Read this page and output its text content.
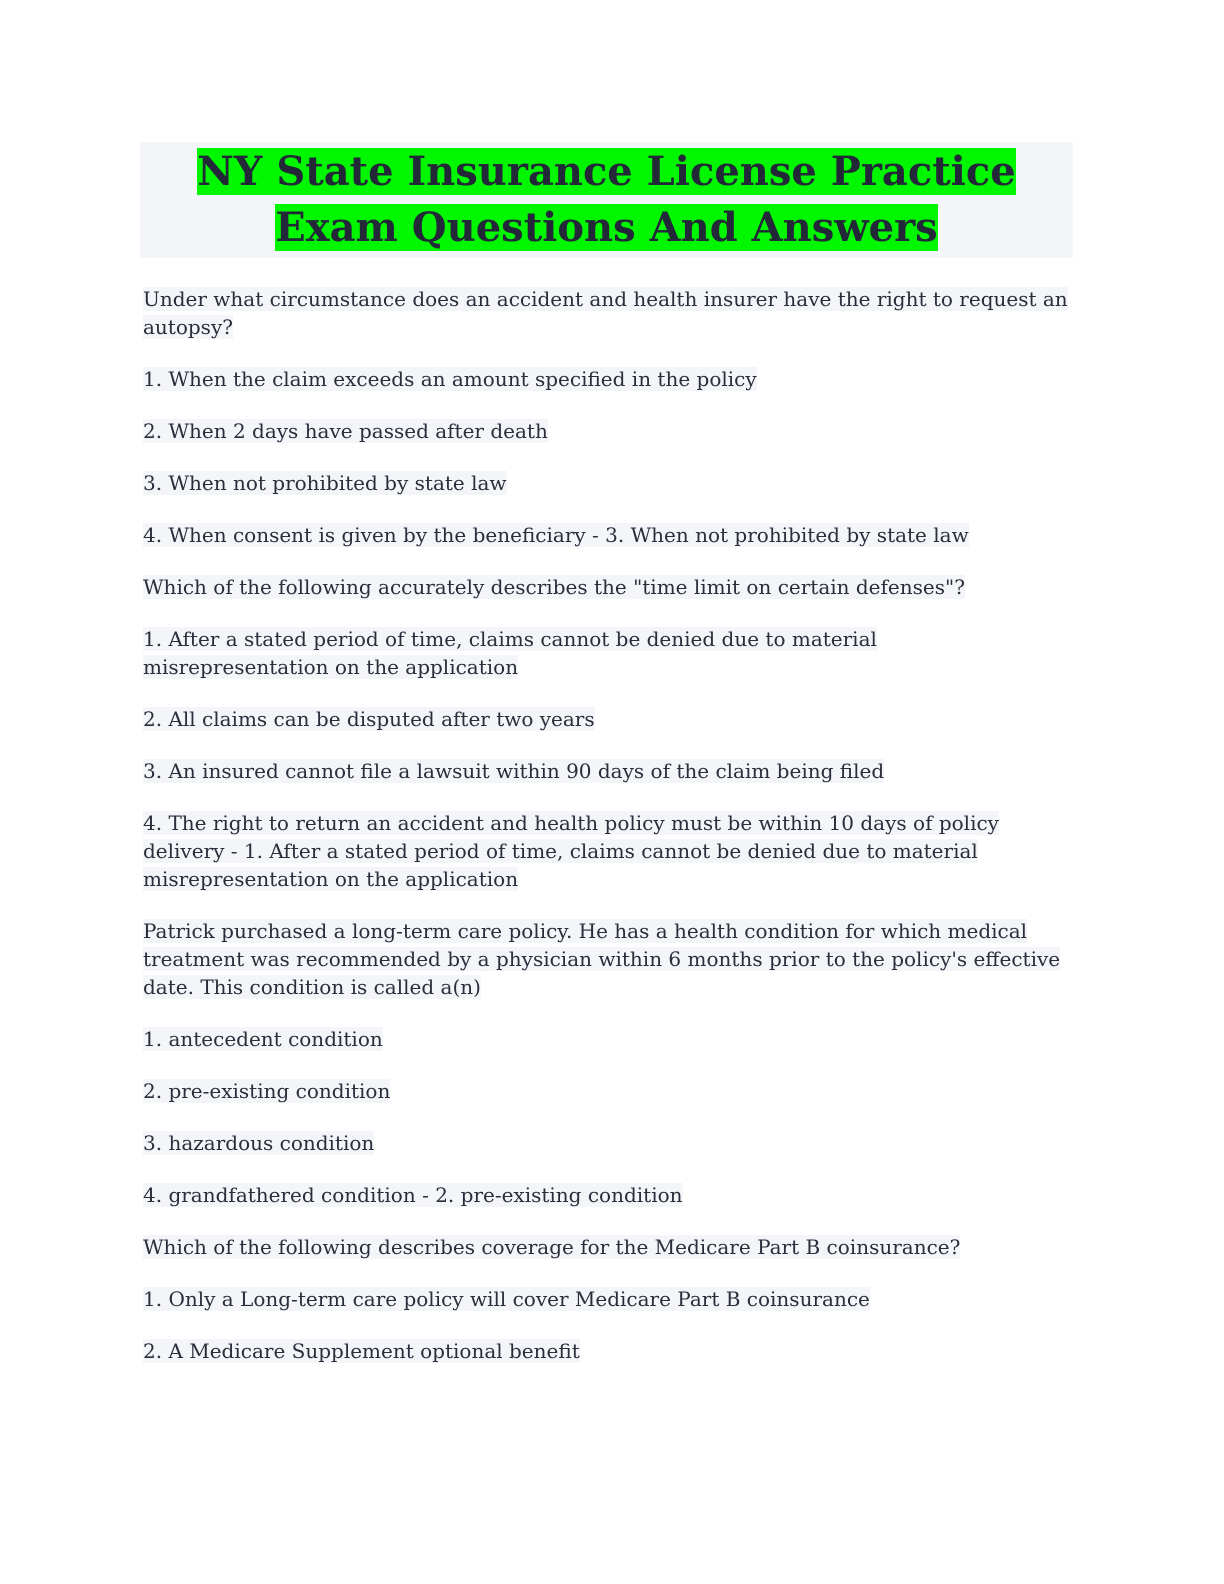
NY State Insurance License Practice Exam Questions And Answers

Under what circumstance does an accident and health insurer have the right to request an autopsy?

1. When the claim exceeds an amount specified in the policy

2. When 2 days have passed after death

3. When not prohibited by state law

4. When consent is given by the beneficiary - 3. When not prohibited by state law

Which of the following accurately describes the "time limit on certain defenses"?

1. After a stated period of time, claims cannot be denied due to material misrepresentation on the application

2. All claims can be disputed after two years

3. An insured cannot file a lawsuit within 90 days of the claim being filed

4. The right to return an accident and health policy must be within 10 days of policy delivery - 1. After a stated period of time, claims cannot be denied due to material misrepresentation on the application

Patrick purchased a long-term care policy. He has a health condition for which medical treatment was recommended by a physician within 6 months prior to the policy's effective date. This condition is called a(n)

1. antecedent condition

2. pre-existing condition

3. hazardous condition

4. grandfathered condition - 2. pre-existing condition

Which of the following describes coverage for the Medicare Part B coinsurance?

1. Only a Long-term care policy will cover Medicare Part B coinsurance

2. A Medicare Supplement optional benefit
